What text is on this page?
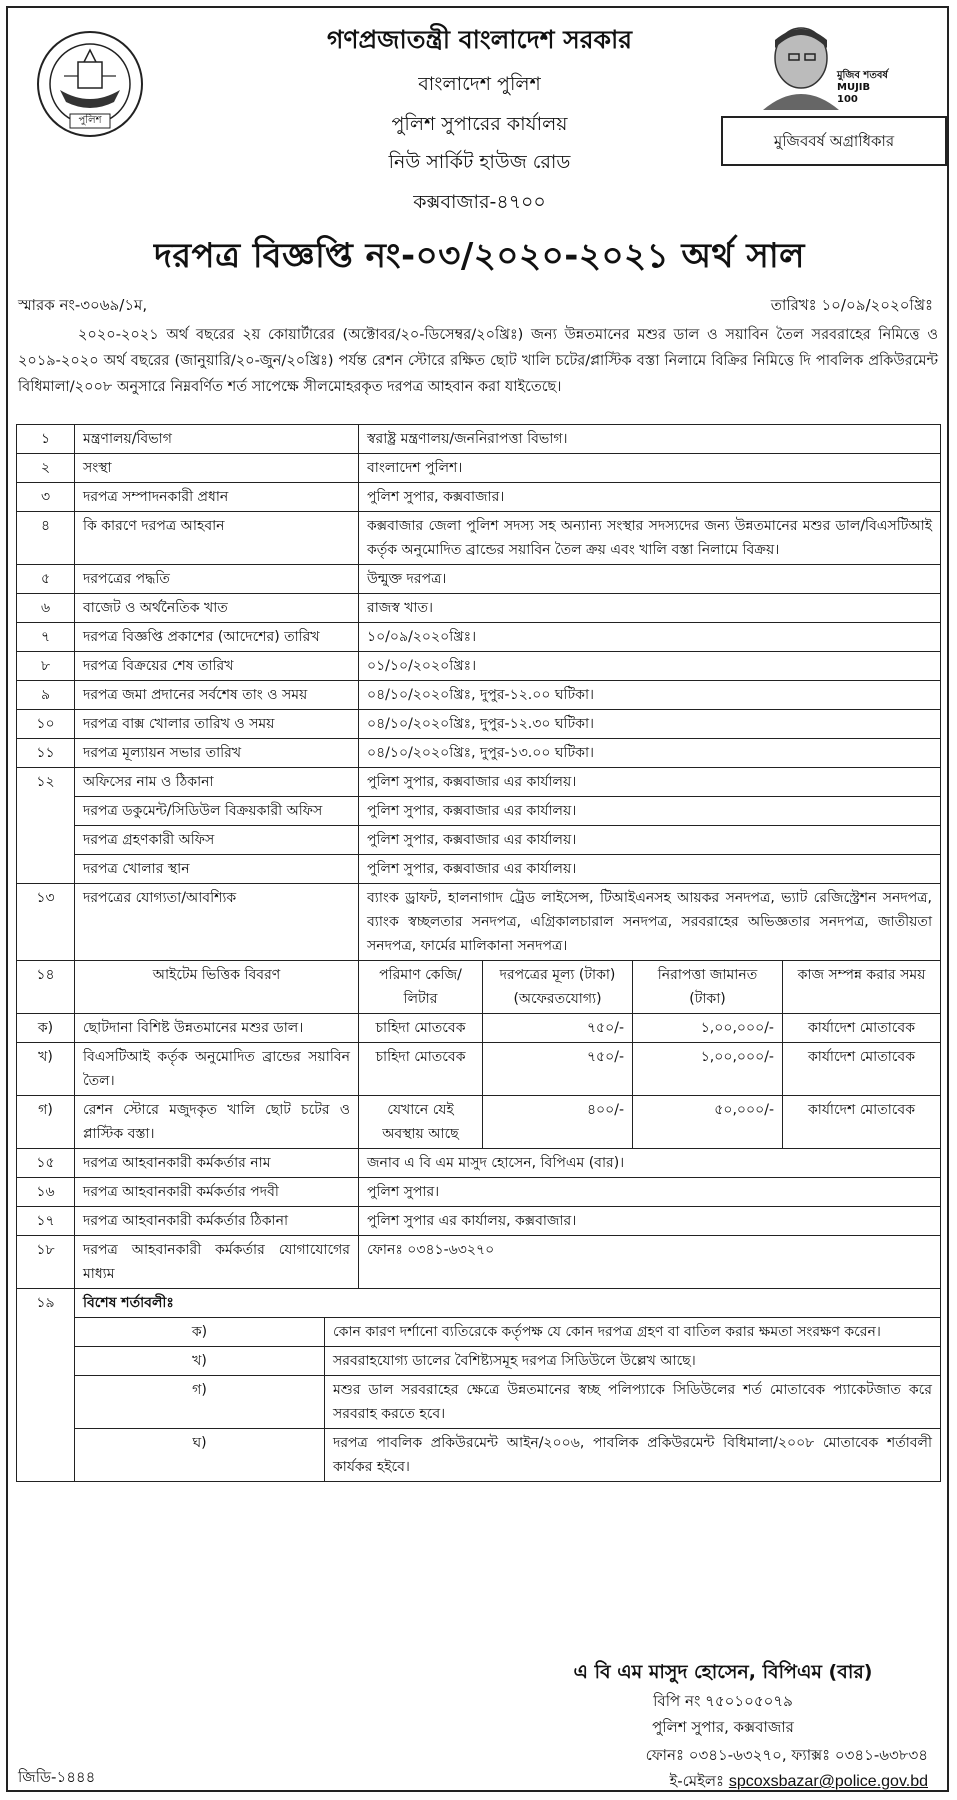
পুলিশ
মুজিব শতবর্ষ MUJIB 100
মুজিববর্ষ অগ্রাধিকার
গণপ্রজাতন্ত্রী বাংলাদেশ সরকার
বাংলাদেশ পুলিশ
পুলিশ সুপারের কার্যালয়
নিউ সার্কিট হাউজ রোড
কক্সবাজার-৪৭০০
দরপত্র বিজ্ঞপ্তি নং-০৩/২০২০-২০২১ অর্থ সাল
স্মারক নং-৩০৬৯/১ম,	তারিখঃ ১০/০৯/২০২০খ্রিঃ
২০২০-২০২১ অর্থ বছরের ২য় কোয়ার্টারের (অক্টোবর/২০-ডিসেম্বর/২০খ্রিঃ) জন্য উন্নতমানের মশুর ডাল ও সয়াবিন তৈল সরবরাহের নিমিত্তে ও ২০১৯-২০২০ অর্থ বছরের (জানুয়ারি/২০-জুন/২০খ্রিঃ) পর্যন্ত রেশন স্টোরে রক্ষিত ছোট খালি চটের/প্লাস্টিক বস্তা নিলামে বিক্রির নিমিত্তে দি পাবলিক প্রকিউরমেন্ট বিধিমালা/২০০৮ অনুসারে নিম্নবর্ণিত শর্ত সাপেক্ষে সীলমোহরকৃত দরপত্র আহবান করা যাইতেছে।
১	মন্ত্রণালয়/বিভাগ		স্বরাষ্ট্র মন্ত্রণালয়/জননিরাপত্তা বিভাগ।			
২	সংস্থা		বাংলাদেশ পুলিশ।			
৩	দরপত্র সম্পাদনকারী প্রধান		পুলিশ সুপার, কক্সবাজার।			
৪	কি কারণে দরপত্র আহবান		কক্সবাজার জেলা পুলিশ সদস্য সহ অন্যান্য সংস্থার সদস্যদের জন্য উন্নতমানের মশুর ডাল/বিএসটিআই কর্তৃক অনুমোদিত ব্রান্ডের সয়াবিন তৈল ক্রয় এবং খালি বস্তা নিলামে বিক্রয়।			
৫	দরপত্রের পদ্ধতি		উন্মুক্ত দরপত্র।			
৬	বাজেট ও অর্থনৈতিক খাত		রাজস্ব খাত।			
৭	দরপত্র বিজ্ঞপ্তি প্রকাশের (আদেশের) তারিখ		১০/০৯/২০২০খ্রিঃ।			
৮	দরপত্র বিক্রয়ের শেষ তারিখ		০১/১০/২০২০খ্রিঃ।			
৯	দরপত্র জমা প্রদানের সর্বশেষ তাং ও সময়		০৪/১০/২০২০খ্রিঃ, দুপুর-১২.০০ ঘটিকা।			
১০	দরপত্র বাক্স খোলার তারিখ ও সময়		০৪/১০/২০২০খ্রিঃ, দুপুর-১২.৩০ ঘটিকা।			
১১	দরপত্র মূল্যায়ন সভার তারিখ		০৪/১০/২০২০খ্রিঃ, দুপুর-১৩.০০ ঘটিকা।			
১২	অফিসের নাম ও ঠিকানা		পুলিশ সুপার, কক্সবাজার এর কার্যালয়।			
	দরপত্র ডকুমেন্ট/সিডিউল বিক্রয়কারী অফিস		পুলিশ সুপার, কক্সবাজার এর কার্যালয়।			
	দরপত্র গ্রহণকারী অফিস		পুলিশ সুপার, কক্সবাজার এর কার্যালয়।			
	দরপত্র খোলার স্থান		পুলিশ সুপার, কক্সবাজার এর কার্যালয়।			
১৩	দরপত্রের যোগ্যতা/আবশ্যিক		ব্যাংক ড্রাফট, হালনাগাদ ট্রেড লাইসেন্স, টিআইএনসহ আয়কর সনদপত্র, ভ্যাট রেজিস্ট্রেশন সনদপত্র, ব্যাংক স্বচ্ছলতার সনদপত্র, এগ্রিকালচারাল সনদপত্র, সরবরাহের অভিজ্ঞতার সনদপত্র, জাতীয়তা সনদপত্র, ফার্মের মালিকানা সনদপত্র।			
১৪	আইটেম ভিত্তিক বিবরণ		পরিমাণ কেজি/লিটার	দরপত্রের মূল্য (টাকা) (অফেরতযোগ্য)	নিরাপত্তা জামানত (টাকা)	কাজ সম্পন্ন করার সময়
ক)	ছোটদানা বিশিষ্ট উন্নতমানের মশুর ডাল।		চাহিদা মোতবেক	৭৫০/-	১,০০,০০০/-	কার্যাদেশ মোতাবেক
খ)	বিএসটিআই কর্তৃক অনুমোদিত ব্রান্ডের সয়াবিন তৈল।		চাহিদা মোতবেক	৭৫০/-	১,০০,০০০/-	কার্যাদেশ মোতাবেক
গ)	রেশন স্টোরে মজুদকৃত খালি ছোট চটের ও প্লাস্টিক বস্তা।		যেখানে যেই অবস্থায় আছে	৪০০/-	৫০,০০০/-	কার্যাদেশ মোতাবেক
১৫	দরপত্র আহবানকারী কর্মকর্তার নাম		জনাব এ বি এম মাসুদ হোসেন, বিপিএম (বার)।			
১৬	দরপত্র আহবানকারী কর্মকর্তার পদবী		পুলিশ সুপার।			
১৭	দরপত্র আহবানকারী কর্মকর্তার ঠিকানা		পুলিশ সুপার এর কার্যালয়, কক্সবাজার।			
১৮	দরপত্র আহবানকারী কর্মকর্তার যোগাযোগের মাধ্যম		ফোনঃ ০৩৪১-৬৩২৭০			
১৯	বিশেষ শর্তাবলীঃ					
	ক)	কোন কারণ দর্শানো ব্যতিরেকে কর্তৃপক্ষ যে কোন দরপত্র গ্রহণ বা বাতিল করার ক্ষমতা সংরক্ষণ করেন।				
	খ)	সরবরাহযোগ্য ডালের বৈশিষ্ট্যসমূহ দরপত্র সিডিউলে উল্লেখ আছে।				
	গ)	মশুর ডাল সরবরাহের ক্ষেত্রে উন্নতমানের স্বচ্ছ পলিপ্যাকে সিডিউলের শর্ত মোতাবেক প্যাকেটজাত করে সরবরাহ করতে হবে।				
	ঘ)	দরপত্র পাবলিক প্রকিউরমেন্ট আইন/২০০৬, পাবলিক প্রকিউরমেন্ট বিধিমালা/২০০৮ মোতাবেক শর্তাবলী কার্যকর হইবে।				
এ বি এম মাসুদ হোসেন, বিপিএম (বার)
বিপি নং ৭৫০১০৫০৭৯
পুলিশ সুপার, কক্সবাজার
ফোনঃ ০৩৪১-৬৩২৭০, ফ্যাক্সঃ ০৩৪১-৬৩৮৩৪
ই-মেইলঃ spcoxsbazar@police.gov.bd
জিডি-১৪৪৪
